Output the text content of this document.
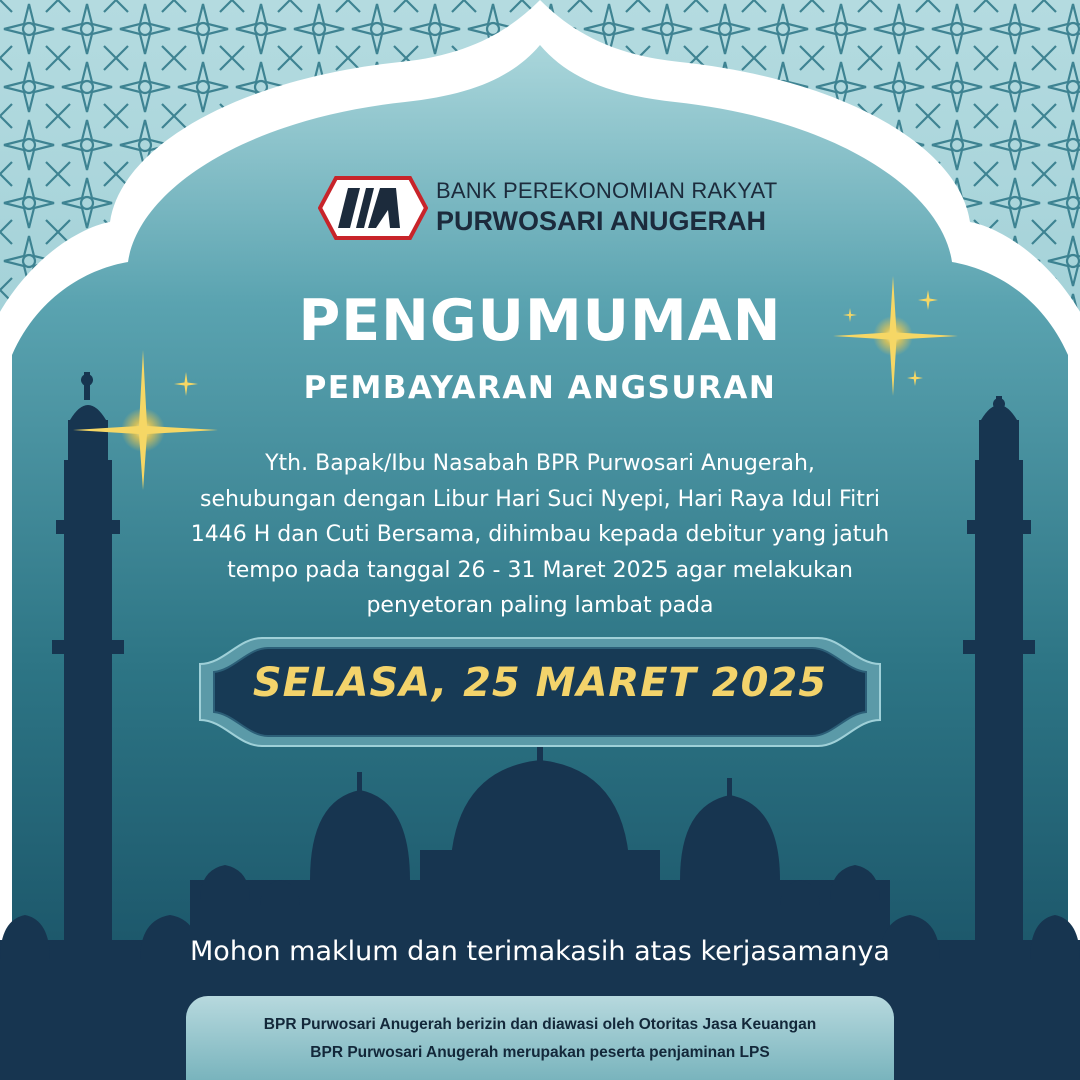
BANK PEREKONOMIAN RAKYAT
PURWOSARI ANUGERAH
PENGUMUMAN
PEMBAYARAN ANGSURAN
Yth. Bapak/Ibu Nasabah BPR Purwosari Anugerah,
sehubungan dengan Libur Hari Suci Nyepi, Hari Raya Idul Fitri
1446 H dan Cuti Bersama, dihimbau kepada debitur yang jatuh
tempo pada tanggal 26 - 31 Maret 2025 agar melakukan
penyetoran paling lambat pada
SELASA, 25 MARET 2025
Mohon maklum dan terimakasih atas kerjasamanya
BPR Purwosari Anugerah berizin dan diawasi oleh Otoritas Jasa Keuangan
BPR Purwosari Anugerah merupakan peserta penjaminan LPS
